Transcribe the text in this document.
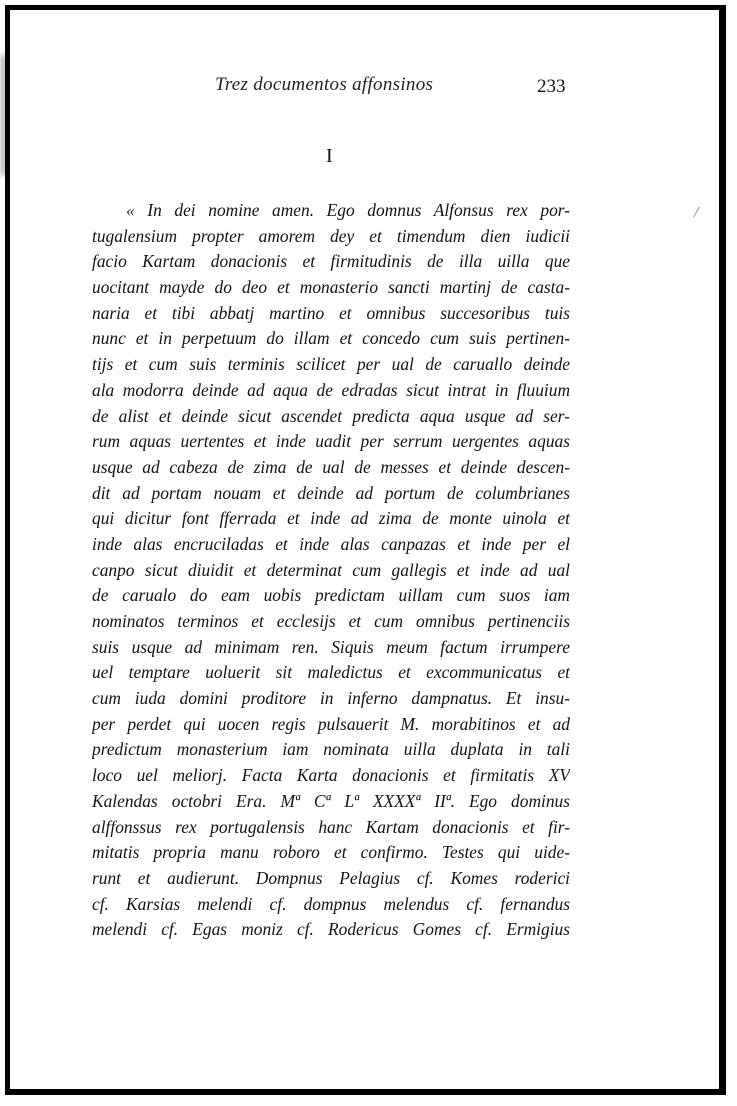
Trez documentos affonsinos	233
I

« In dei nomine amen. Ego domnus Alfonsus rex por-

tugalensium propter amorem dey et timendum dien iudicii

facio Kartam donacionis et firmitudinis de illa uilla que

uocitant mayde do deo et monasterio sancti martinj de casta-

naria et tibi abbatj martino et omnibus succesoribus tuis

nunc et in perpetuum do illam et concedo cum suis pertinen-

tijs et cum suis terminis scilicet per ual de caruallo deinde

ala modorra deinde ad aqua de edradas sicut intrat in fluuium

de alist et deinde sicut ascendet predicta aqua usque ad ser-

rum aquas uertentes et inde uadit per serrum uergentes aquas

usque ad cabeza de zima de ual de messes et deinde descen-

dit ad portam nouam et deinde ad portum de columbrianes

qui dicitur font fferrada et inde ad zima de monte uinola et

inde alas encruciladas et inde alas canpazas et inde per el

canpo sicut diuidit et determinat cum gallegis et inde ad ual

de carualo do eam uobis predictam uillam cum suos iam

nominatos terminos et ecclesijs et cum omnibus pertinenciis

suis usque ad minimam ren. Siquis meum factum irrumpere

uel temptare uoluerit sit maledictus et excommunicatus et

cum iuda domini proditore in inferno dampnatus. Et insu-

per perdet qui uocen regis pulsauerit M. morabitinos et ad

predictum monasterium iam nominata uilla duplata in tali

loco uel meliorj. Facta Karta donacionis et firmitatis XV

Kalendas octobri Era. Mª Cª Lª XXXXª IIª. Ego dominus

alffonssus rex portugalensis hanc Kartam donacionis et fir-

mitatis propria manu roboro et confirmo. Testes qui uide-

runt et audierunt. Dompnus Pelagius cf. Komes roderici

cf. Karsias melendi cf. dompnus melendus cf. fernandus

melendi cf. Egas moniz cf. Rodericus Gomes cf. Ermigius
